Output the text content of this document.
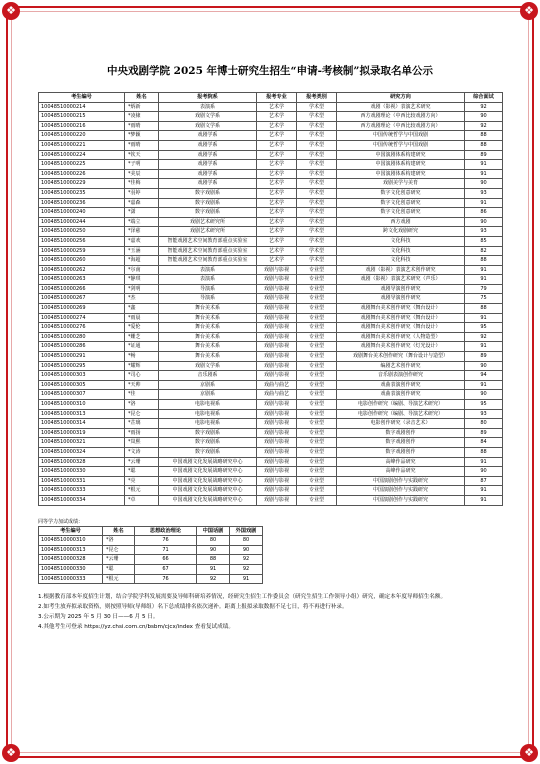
❖	❖
❖	❖
中央戏剧学院 2025 年博士研究生招生“申请-考核制”拟录取名单公示
考生编号	姓名	报考院系	报考专业	报考类别	研究方向	综合面试
10048510000214	*炳新	表演系	艺术学	学术型	戏剧（影视）表演艺术研究	92
10048510000215	*凌棣	戏剧文学系	艺术学	学术型	西方戏剧理论（中西比较戏剧方向）	90
10048510000216	*雨晴	戏剧文学系	艺术学	学术型	西方戏剧理论（中西比较戏剧方向）	92
10048510000220	*梦颖	戏剧学系	艺术学	学术型	中国传统哲学与中国戏剧	88
10048510000221	*雨晴	戏剧学系	艺术学	学术型	中国传统哲学与中国戏剧	88
10048510000224	*钦天	戏剧学系	艺术学	学术型	中国演剧体系构建研究	89
10048510000225	*子明	戏剧学系	艺术学	学术型	中国演剧体系构建研究	91
10048510000226	*美辰	戏剧学系	艺术学	学术型	中国演剧体系构建研究	91
10048510000229	*佳梅	戏剧学系	艺术学	学术型	戏剧美学与美育	90
10048510000235	*羽婷	数字戏剧系	艺术学	学术型	数字文化创意研究	93
10048510000236	*嘉森	数字戏剧系	艺术学	学术型	数字文化创意研究	91
10048510000240	*潇	数字戏剧系	艺术学	学术型	数字文化创意研究	86
10048510000244	*端立	戏剧艺术研究所	艺术学	学术型	西方戏剧	90
10048510000250	*泽慈	戏剧艺术研究所	艺术学	学术型	跨文化戏剧研究	93
10048510000256	*嘉欢	智能戏剧艺术空间教育部重点实验室	艺术学	学术型	文化科技	85
10048510000259	*玉涵	智能戏剧艺术空间教育部重点实验室	艺术学	学术型	文化科技	82
10048510000260	*海超	智能戏剧艺术空间教育部重点实验室	艺术学	学术型	文化科技	88
10048510000262	*尔南	表演系	戏剧与影视	专业型	戏剧（影视）表演艺术创作研究	91
10048510000263	*静琪	表演系	戏剧与影视	专业型	戏剧（影视）表演艺术研究（声乐）	91
10048510000266	*剑明	导演系	戏剧与影视	专业型	戏剧导演创作研究	79
10048510000267	*杰	导演系	戏剧与影视	专业型	戏剧导演创作研究	75
10048510000269	*鑫	舞台美术系	戏剧与影视	专业型	戏剧舞台美术创作研究（舞台设计）	88
10048510000274	*雨晨	舞台美术系	戏剧与影视	专业型	戏剧舞台美术创作研究（舞台设计）	91
10048510000276	*爱伦	舞台美术系	戏剧与影视	专业型	戏剧舞台美术创作研究（舞台设计）	95
10048510000280	*姗芝	舞台美术系	戏剧与影视	专业型	戏剧舞台美术创作研究（人物造型）	92
10048510000286	*证通	舞台美术系	戏剧与影视	专业型	戏剧舞台美术创作研究（灯光设计）	91
10048510000291	*畅	舞台美术系	戏剧与影视	专业型	戏剧舞台美术创作研究（舞台设计与造型）	89
10048510000295	*耀辉	戏剧文学系	戏剧与影视	专业型	编剧艺术创作研究	90
10048510000303	*司心	音乐剧系	戏剧与影视	专业型	音乐剧表演创作研究	94
10048510000305	*天帅	京剧系	戏曲与曲艺	专业型	戏曲表演创作研究	91
10048510000307	*佳	京剧系	戏曲与曲艺	专业型	戏曲表演创作研究	90
10048510000310	*洛	电影电视系	戏剧与影视	专业型	电影创作研究（编剧、导演艺术研究）	95
10048510000313	*昆仑	电影电视系	戏剧与影视	专业型	电影创作研究（编剧、导演艺术研究）	93
10048510000314	*芷璃	电影电视系	戏剧与影视	专业型	电影创作研究（录音艺术）	80
10048510000319	*雨扬	数字戏剧系	戏剧与影视	专业型	数字戏剧创作	89
10048510000321	*岚熙	数字戏剧系	戏剧与影视	专业型	数字戏剧创作	84
10048510000324	*文涛	数字戏剧系	戏剧与影视	专业型	数字戏剧创作	88
10048510000328	*云珊	中国戏剧文化发展战略研究中心	戏剧与影视	专业型	高峰作品研究	91
10048510000330	*聪	中国戏剧文化发展战略研究中心	戏剧与影视	专业型	高峰作品研究	90
10048510000331	*亮	中国戏剧文化发展战略研究中心	戏剧与影视	专业型	中国演剧创作与实践研究	87
10048510000333	*根元	中国戏剧文化发展战略研究中心	戏剧与影视	专业型	中国演剧创作与实践研究	91
10048510000334	*卓	中国戏剧文化发展战略研究中心	戏剧与影视	专业型	中国演剧创作与实践研究	91
同等学力加试成绩：
考生编号	姓名	思想政治理论	中国话剧	外国戏剧
10048510000310	*洛	76	80	80
10048510000313	*昆仑	71	90	90
10048510000328	*云珊	66	88	92
10048510000330	*聪	67	91	92
10048510000333	*根元	76	92	91

1.根据教育部本年度招生计划，结合学院学科发展需要及导师科研培养情况，经研究生招生工作委员会（研究生招生工作领导小组）研究，确定本年度导师招生名额。

2.如考生放弃拟录取资格，则按照导师(导师组）名下总成绩排名依次递补。距离上报拟录取数据不足七日，将不再进行补录。

3.公示期为 2025 年 5 月 30 日——6 月 5 日。

4.其他考生可登录 https://yz.chsi.com.cn/bsbm/cjcx/index 查看复试成绩。
